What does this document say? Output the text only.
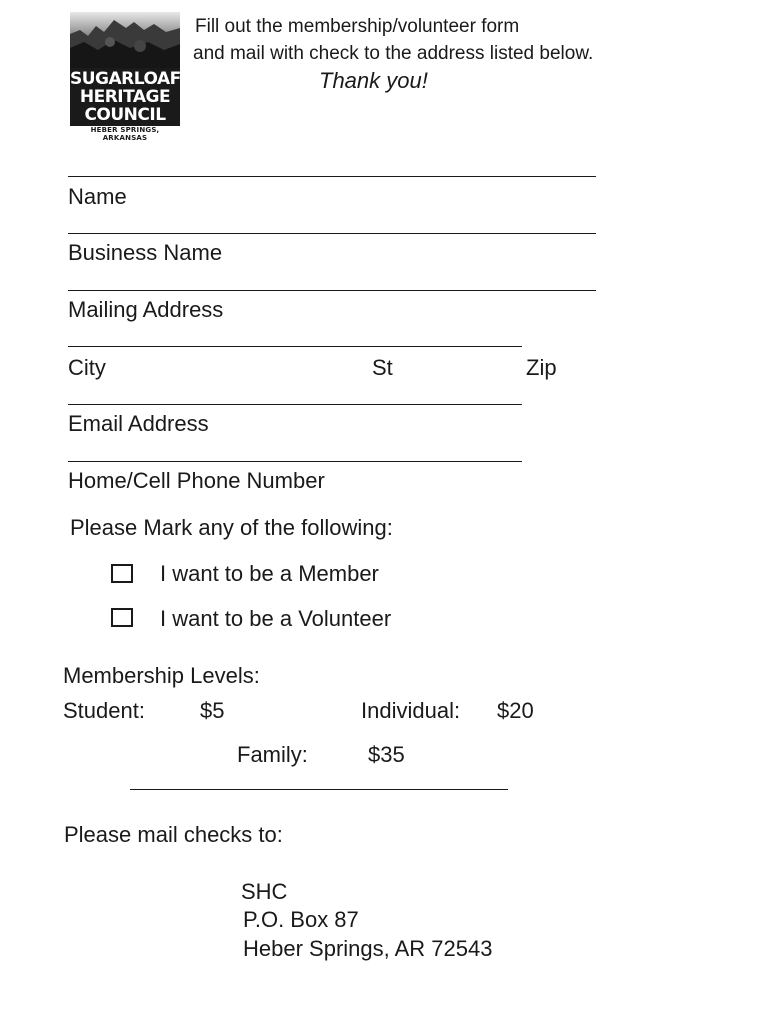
SUGARLOAF
HERITAGE
COUNCIL
HEBER SPRINGS, ARKANSAS
Fill out the membership/volunteer form
and mail with check to the address listed below.
Thank you!
Name
Business Name
Mailing Address
City	St	Zip
Email Address
Home/Cell Phone Number
Please Mark any of the following:
I want to be a Member
I want to be a Volunteer
Membership Levels:
Student:	$5	Individual: $20
Family:	$35
Please mail checks to:
SHC
P.O. Box 87
Heber Springs, AR 72543
